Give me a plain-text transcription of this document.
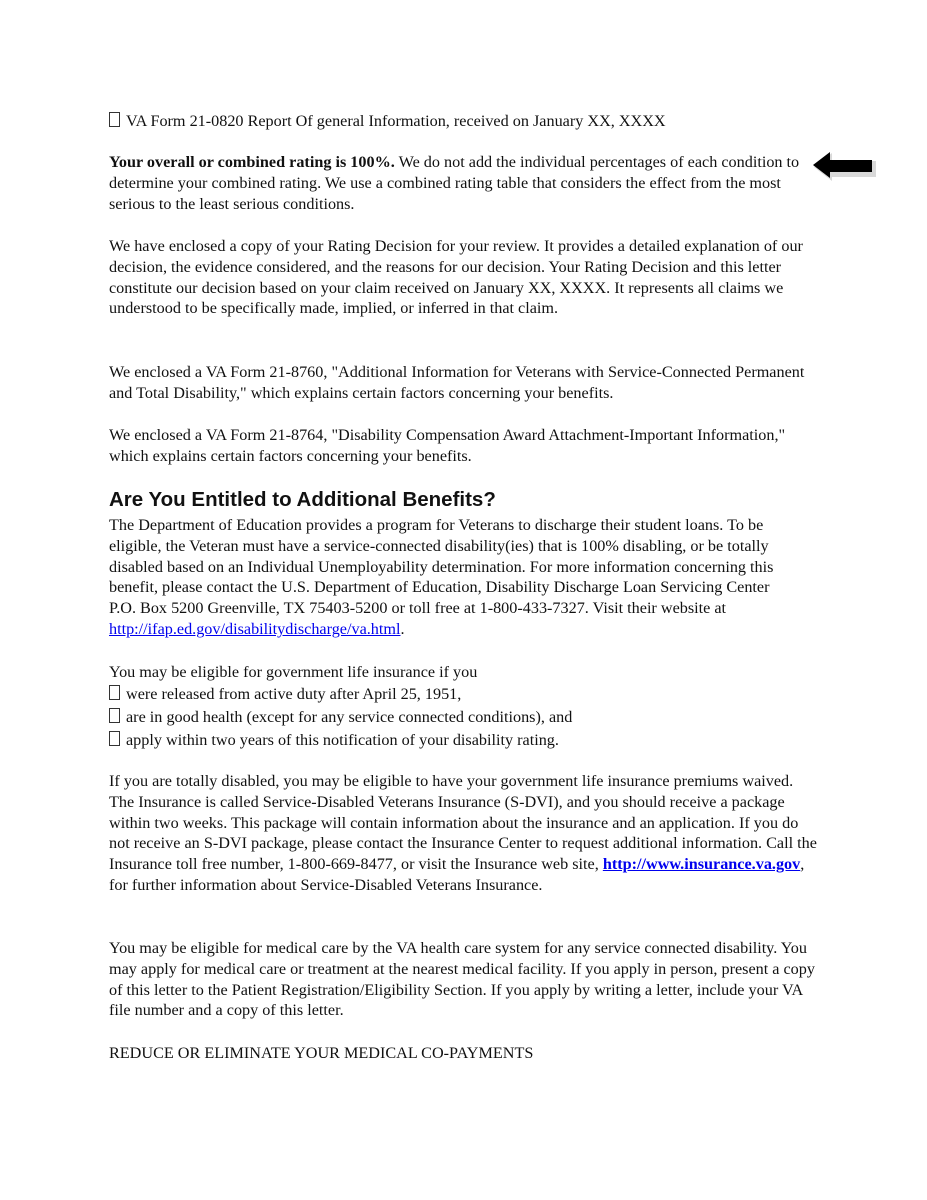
VA Form 21-0820 Report Of general Information, received on January XX, XXXX

Your overall or combined rating is 100%. We do not add the individual percentages of each condition to determine your combined rating. We use a combined rating table that considers the effect from the most serious to the least serious conditions.

We have enclosed a copy of your Rating Decision for your review. It provides a detailed explanation of our decision, the evidence considered, and the reasons for our decision. Your Rating Decision and this letter constitute our decision based on your claim received on January XX, XXXX. It represents all claims we understood to be specifically made, implied, or inferred in that claim.

We enclosed a VA Form 21-8760, "Additional Information for Veterans with Service-Connected Permanent and Total Disability," which explains certain factors concerning your benefits.

We enclosed a VA Form 21-8764, "Disability Compensation Award Attachment-Important Information," which explains certain factors concerning your benefits.

Are You Entitled to Additional Benefits?

The Department of Education provides a program for Veterans to discharge their student loans. To be eligible, the Veteran must have a service-connected disability(ies) that is 100% disabling, or be totally disabled based on an Individual Unemployability determination. For more information concerning this benefit, please contact the U.S. Department of Education, Disability Discharge Loan Servicing Center P.O. Box 5200 Greenville, TX 75403-5200 or toll free at 1-800-433-7327. Visit their website at http://ifap.ed.gov/disabilitydischarge/va.html.

You may be eligible for government life insurance if you

were released from active duty after April 25, 1951,

are in good health (except for any service connected conditions), and

apply within two years of this notification of your disability rating.

If you are totally disabled, you may be eligible to have your government life insurance premiums waived. The Insurance is called Service-Disabled Veterans Insurance (S-DVI), and you should receive a package within two weeks. This package will contain information about the insurance and an application. If you do not receive an S-DVI package, please contact the Insurance Center to request additional information. Call the Insurance toll free number, 1-800-669-8477, or visit the Insurance web site, http://www.insurance.va.gov, for further information about Service-Disabled Veterans Insurance.

You may be eligible for medical care by the VA health care system for any service connected disability. You may apply for medical care or treatment at the nearest medical facility. If you apply in person, present a copy of this letter to the Patient Registration/Eligibility Section. If you apply by writing a letter, include your VA file number and a copy of this letter.

REDUCE OR ELIMINATE YOUR MEDICAL CO-PAYMENTS
